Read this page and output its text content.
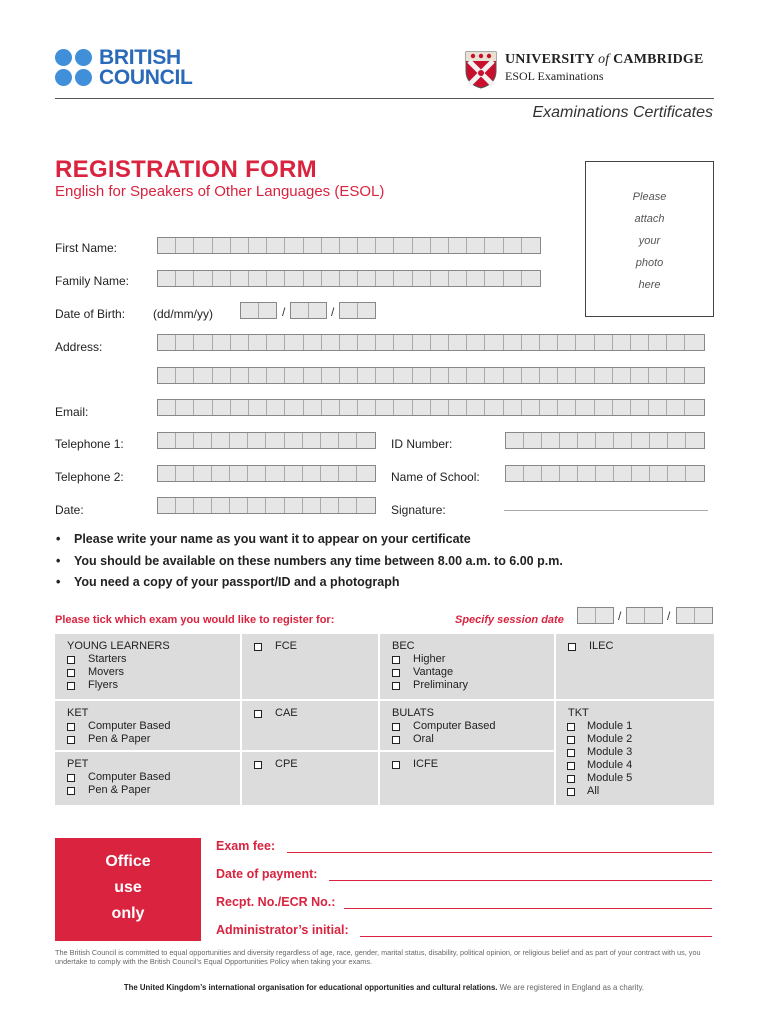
BRITISH
COUNCIL
UNIVERSITY of CAMBRIDGE
ESOL Examinations
Examinations Certificates
REGISTRATION FORM
English for Speakers of Other Languages (ESOL)	Please
attach
your
photo
here
First Name:
Family Name:
Date of Birth: (dd/mm/yy)	/	/
Address:
Email:
Telephone 1:	ID Number:
Telephone 2:	Name of School:
Date:	Signature:
•	Please write your name as you want it to appear on your certificate
•	You should be available on these numbers any time between 8.00 a.m. to 6.00 p.m.
•	You need a copy of your passport/ID and a photograph
Please tick which exam you would like to register for:	Specify session date	/	/
YOUNG LEARNERS
Starters
Movers
Flyers
KET
Computer Based
Pen & Paper
PET
Computer Based
Pen & Paper
FCE
CAE
CPE
BEC
Higher
Vantage
Preliminary
BULATS
Computer Based
Oral
ICFE
ILEC
TKT
Module 1
Module 2
Module 3
Module 4
Module 5
All
Office
use
only
Exam fee:
Date of payment:
Recpt. No./ECR No.:
Administrator’s initial:
The British Council is committed to equal opportunities and diversity regardless of age, race, gender, marital status, disability, political opinion, or religious belief and as part of your contract with us, you undertake to comply with the British Council’s Equal Opportunities Policy when taking your exams.
The United Kingdom’s international organisation for educational opportunities and cultural relations. We are registered in England as a charity.
